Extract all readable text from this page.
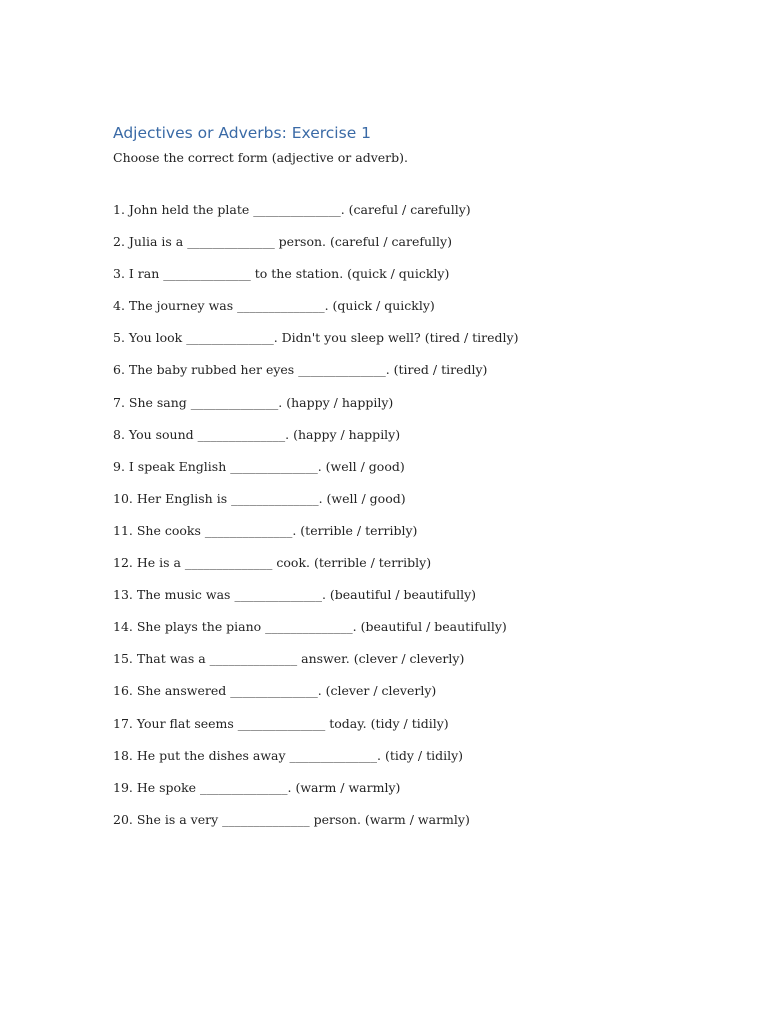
Adjectives or Adverbs: Exercise 1
Choose the correct form (adjective or adverb).
1. John held the plate ______________. (careful / carefully)
2. Julia is a ______________ person. (careful / carefully)
3. I ran ______________ to the station. (quick / quickly)
4. The journey was ______________. (quick / quickly)
5. You look ______________. Didn't you sleep well? (tired / tiredly)
6. The baby rubbed her eyes ______________. (tired / tiredly)
7. She sang ______________. (happy / happily)
8. You sound ______________. (happy / happily)
9. I speak English ______________. (well / good)
10. Her English is ______________. (well / good)
11. She cooks ______________. (terrible / terribly)
12. He is a ______________ cook. (terrible / terribly)
13. The music was ______________. (beautiful / beautifully)
14. She plays the piano ______________. (beautiful / beautifully)
15. That was a ______________ answer. (clever / cleverly)
16. She answered ______________. (clever / cleverly)
17. Your flat seems ______________ today. (tidy / tidily)
18. He put the dishes away ______________. (tidy / tidily)
19. He spoke ______________. (warm / warmly)
20. She is a very ______________ person. (warm / warmly)
